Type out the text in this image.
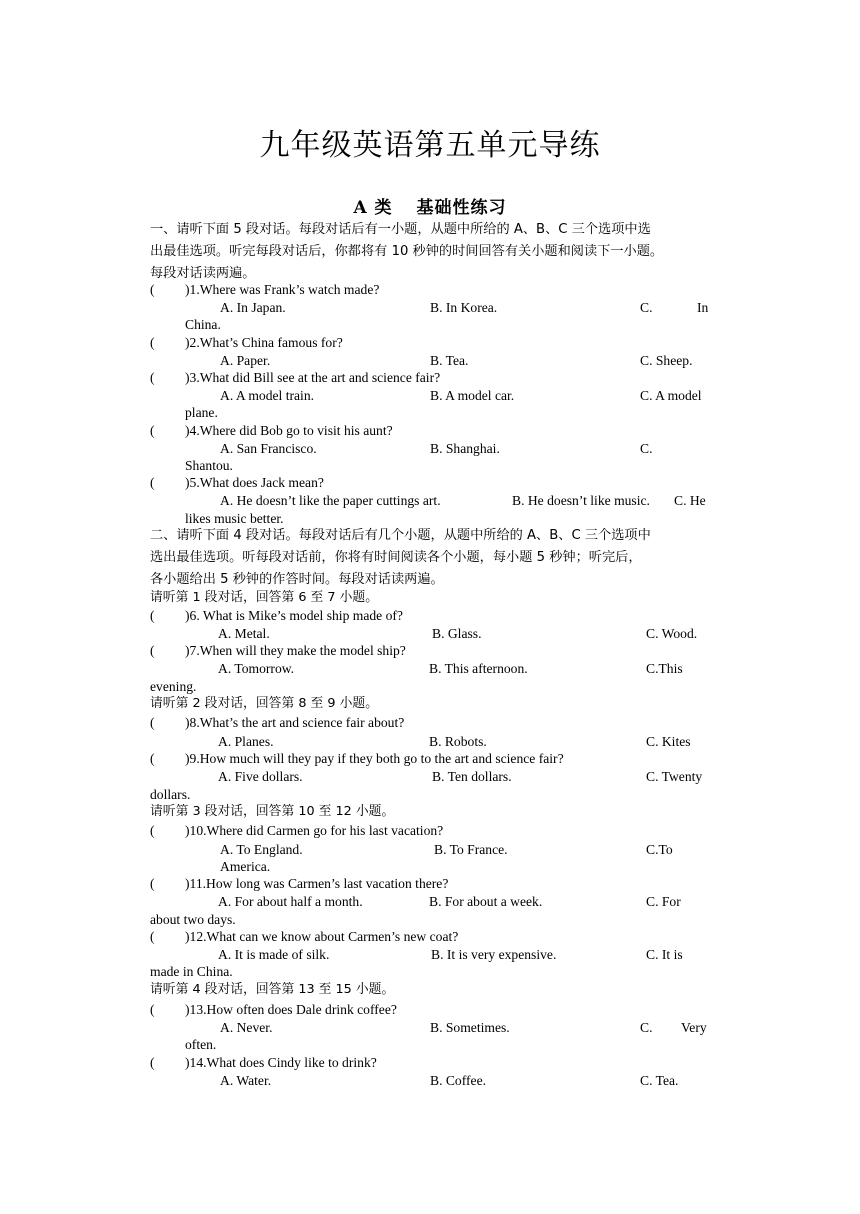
九年级英语第五单元导练
A 类 基础性练习
一、请听下面 5 段对话。每段对话后有一小题，从题中所给的 A、B、C 三个选项中选
出最佳选项。听完每段对话后，你都将有 10 秒钟的时间回答有关小题和阅读下一小题。
每段对话读两遍。
( )1.Where was Frank’s watch made?
A. In Japan.	B. In Korea.	C.	In
China.
( )2.What’s China famous for?
A. Paper.	B. Tea.	C. Sheep.
( )3.What did Bill see at the art and science fair?
A. A model train.	B. A model car.	C. A model
plane.
( )4.Where did Bob go to visit his aunt?
A. San Francisco.	B. Shanghai.	C.
Shantou.
( )5.What does Jack mean?
A. He doesn’t like the paper cuttings art.	B. He doesn’t like music. C. He
likes music better.
二、请听下面 4 段对话。每段对话后有几个小题，从题中所给的 A、B、C 三个选项中
选出最佳选项。听每段对话前，你将有时间阅读各个小题，每小题 5 秒钟；听完后，
各小题给出 5 秒钟的作答时间。每段对话读两遍。
请听第 1 段对话，回答第 6 至 7 小题。
( )6. What is Mike’s model ship made of?
A. Metal.	B. Glass.	C. Wood.
( )7.When will they make the model ship?
A. Tomorrow.	B. This afternoon.	C.This
evening.
请听第 2 段对话，回答第 8 至 9 小题。
( )8.What’s the art and science fair about?
A. Planes.	B. Robots.	C. Kites
( )9.How much will they pay if they both go to the art and science fair?
A. Five dollars.	B. Ten dollars.	C. Twenty
dollars.
请听第 3 段对话，回答第 10 至 12 小题。
( )10.Where did Carmen go for his last vacation?
A. To England.	B. To France.	C.To
America.
( )11.How long was Carmen’s last vacation there?
A. For about half a month.	B. For about a week.	C. For
about two days.
( )12.What can we know about Carmen’s new coat?
A. It is made of silk.	B. It is very expensive.	C. It is
made in China.
请听第 4 段对话，回答第 13 至 15 小题。
( )13.How often does Dale drink coffee?
A. Never.	B. Sometimes.	C. Very
often.
( )14.What does Cindy like to drink?
A. Water.	B. Coffee.	C. Tea.
